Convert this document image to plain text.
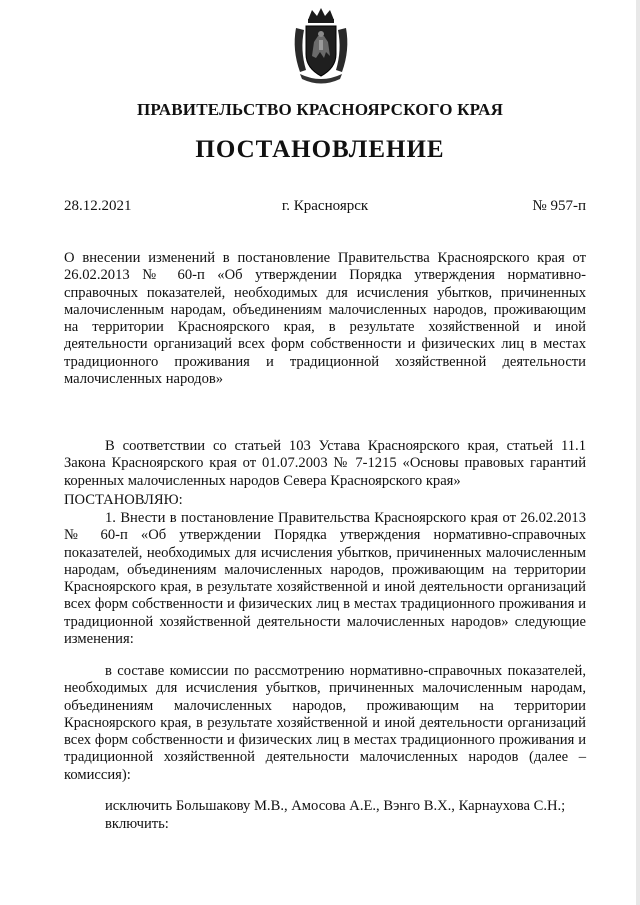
ПРАВИТЕЛЬСТВО КРАСНОЯРСКОГО КРАЯ
ПОСТАНОВЛЕНИЕ
28.12.2021	г. Красноярск	№ 957-п
О внесении изменений в постановление Правительства Красноярского края от 26.02.2013 № 60-п «Об утверждении Порядка утверждения нормативно-справочных показателей, необходимых для исчисления убытков, причиненных малочисленным народам, объединениям малочисленных народов, проживающим на территории Красноярского края, в результате хозяйственной и иной деятельности организаций всех форм собственности и физических лиц в местах традиционного проживания и традиционной хозяйственной деятельности малочисленных народов»
В соответствии со статьей 103 Устава Красноярского края, статьей 11.1 Закона Красноярского края от 01.07.2003 № 7-1215 «Основы правовых гарантий коренных малочисленных народов Севера Красноярского края»
ПОСТАНОВЛЯЮ:
1. Внести в постановление Правительства Красноярского края от 26.02.2013 № 60-п «Об утверждении Порядка утверждения нормативно-справочных показателей, необходимых для исчисления убытков, причиненных малочисленным народам, объединениям малочисленных народов, проживающим на территории Красноярского края, в результате хозяйственной и иной деятельности организаций всех форм собственности и физических лиц в местах традиционного проживания и традиционной хозяйственной деятельности малочисленных народов» следующие изменения:
в составе комиссии по рассмотрению нормативно-справочных показателей, необходимых для исчисления убытков, причиненных малочисленным народам, объединениям малочисленных народов, проживающим на территории Красноярского края, в результате хозяйственной и иной деятельности организаций всех форм собственности и физических лиц в местах традиционного проживания и традиционной хозяйственной деятельности малочисленных народов (далее – комиссия):
исключить Большакову М.В., Амосова А.Е., Вэнго В.Х., Карнаухова С.Н.;
включить:
